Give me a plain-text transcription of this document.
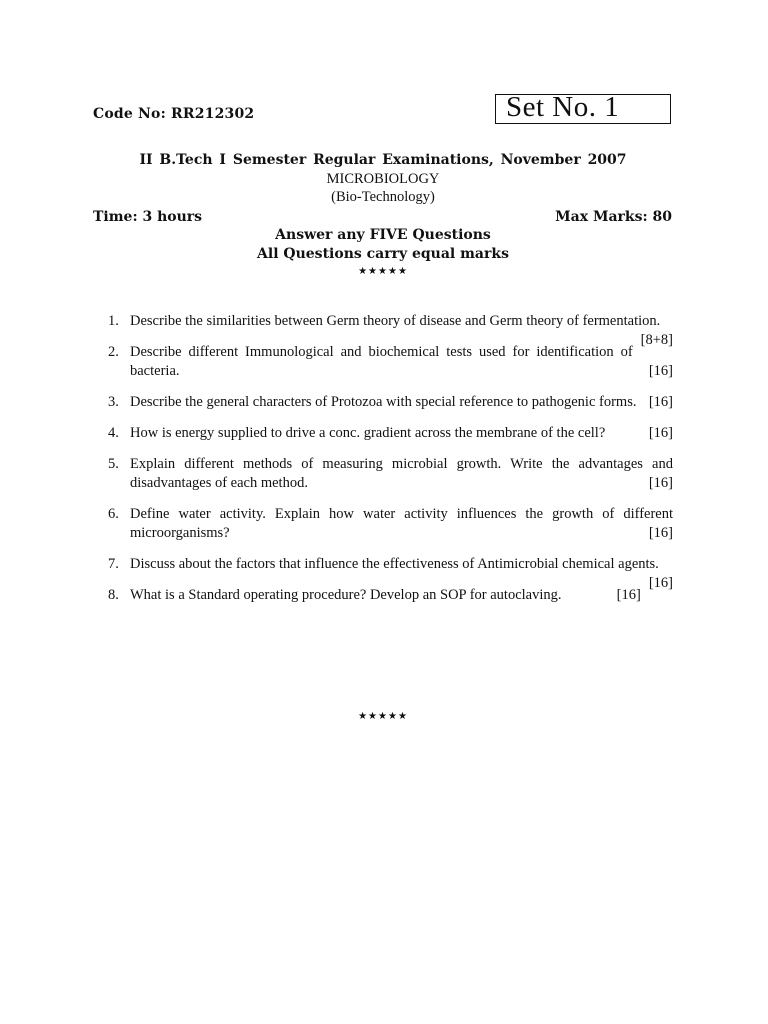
Code No: RR212302	Set No. 1
II B.Tech I Semester Regular Examinations, November 2007
MICROBIOLOGY
(Bio-Technology)
Time: 3 hours	Max Marks: 80
Answer any FIVE Questions
All Questions carry equal marks
★★★★★
1. Describe the similarities between Germ theory of disease and Germ theory of fermentation.
[8+8]
2. Describe different Immunological and biochemical tests used for identification of bacteria.	[16]
3. Describe the general characters of Protozoa with special reference to pathogenic forms. [16]
4. How is energy supplied to drive a conc. gradient across the membrane of the cell?	[16]
5. Explain different methods of measuring microbial growth. Write the advantages and disadvantages of each method.	[16]
6. Define water activity. Explain how water activity influences the growth of different microorganisms?	[16]
7. Discuss about the factors that influence the effectiveness of Antimicrobial chemical agents.
[16]
8. What is a Standard operating procedure? Develop an SOP for autoclaving.	[16]
★★★★★
